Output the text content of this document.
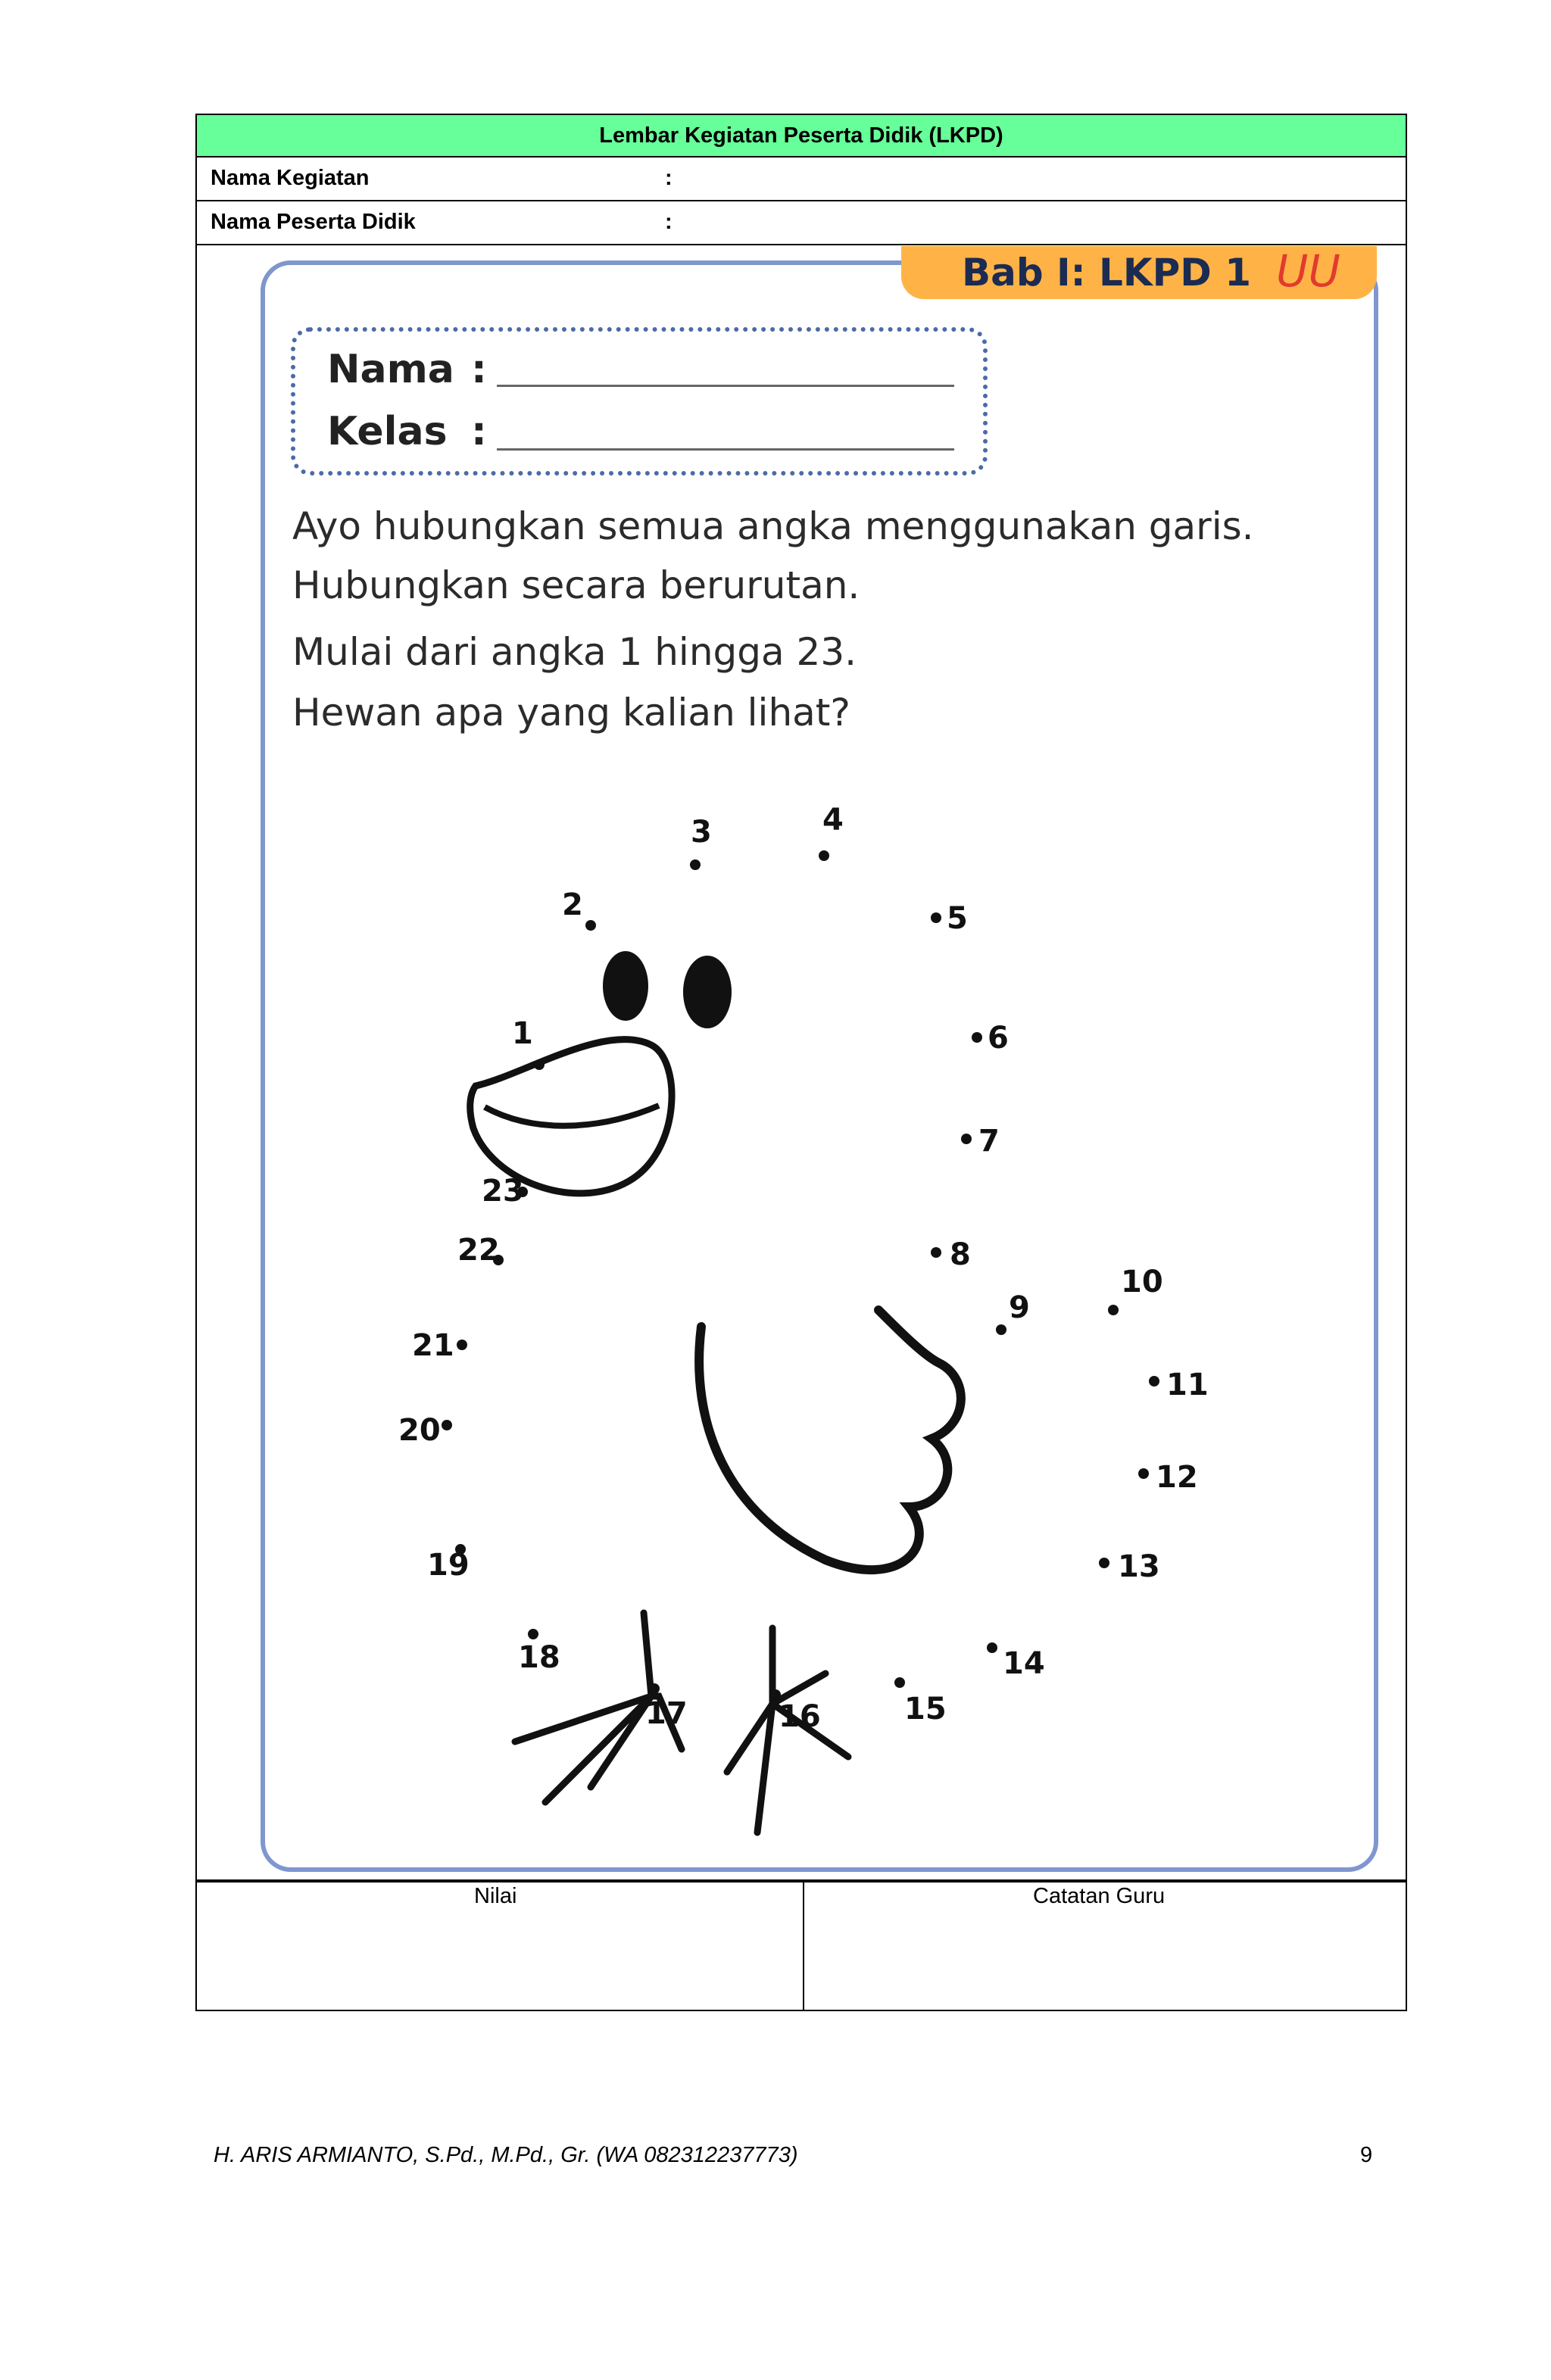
Lembar Kegiatan Peserta Didik (LKPD)
Nama Kegiatan	:
Nama Peserta Didik	:
Bab I: LKPD 1 UU
Nama :
Kelas :
Ayo hubungkan semua angka menggunakan garis.
Hubungkan secara berurutan.
Mulai dari angka 1 hingga 23.
Hewan apa yang kalian lihat?
1
2
3	4
5
6
7
8
9
10
11
12
13
14
15
16
17
18
19
20
21
22
23
Nilai	Catatan Guru
H. ARIS ARMIANTO, S.Pd., M.Pd., Gr. (WA 082312237773)	9
